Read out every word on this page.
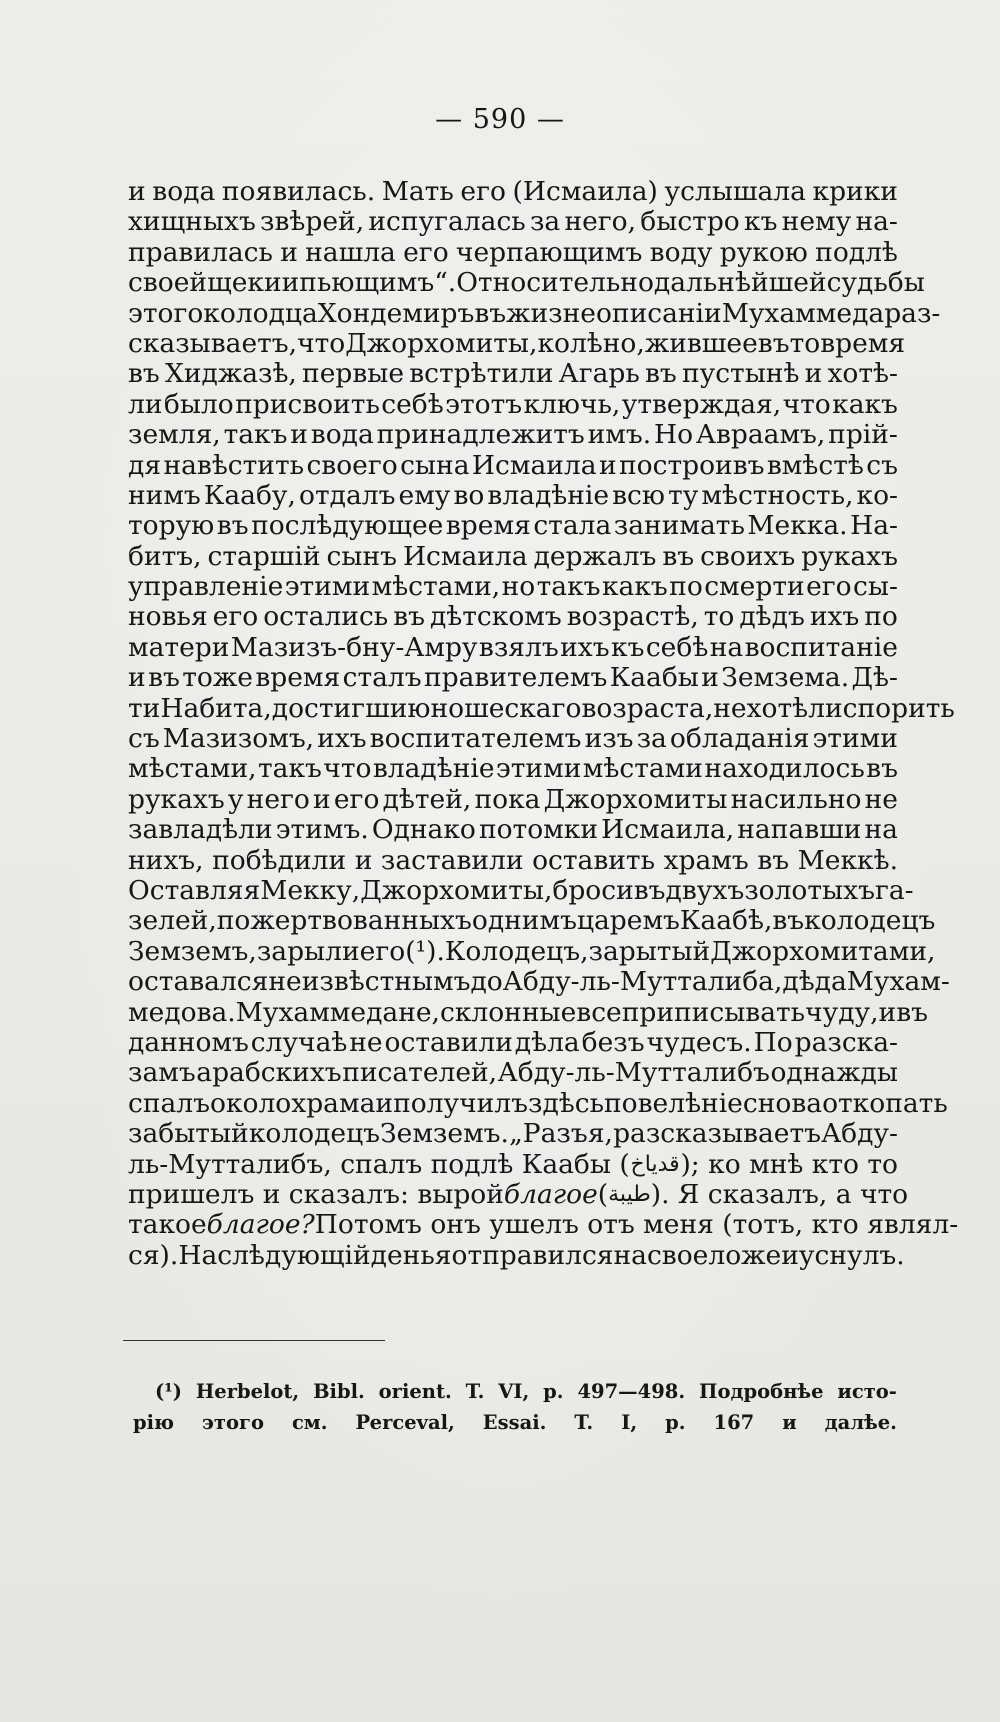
— 590 —
и вода появилась. Мать его (Исмаила) услышала крики
хищныхъ звѣрей, испугалась за него, быстро къ нему на-
правилась и нашла его черпающимъ воду рукою подлѣ
своей щеки и пьющимъ“. Относительно дальнѣйшей судьбы
этого колодца Хондемиръ въ жизнеописаніи Мухаммеда раз-
сказываетъ, что Джорхомиты, колѣно, жившее въ то время
въ Хиджазѣ, первые встрѣтили Агарь въ пустынѣ и хотѣ-
ли было присвоить себѣ этотъ ключь, утверждая, что какъ
земля, такъ и вода принадлежитъ имъ. Но Авраамъ, прій-
дя навѣстить своего сына Исмаила и построивъ вмѣстѣ съ
нимъ Каабу, отдалъ ему во владѣніе всю ту мѣстность, ко-
торую въ послѣдующее время стала занимать Мекка. На-
битъ, старшій сынъ Исмаила держалъ въ своихъ рукахъ
управленіе этими мѣстами, но такъ какъ по смерти его сы-
новья его остались въ дѣтскомъ возрастѣ, то дѣдъ ихъ по
матери Мазизъ-бну-Амру взялъ ихъ къ себѣ на воспитаніе
и въ тоже время сталъ правителемъ Каабы и Земзема. Дѣ-
ти Набита, достигши юношескаго возраста, нехотѣли спорить
съ Мазизомъ, ихъ воспитателемъ изъ за обладанія этими
мѣстами, такъ что владѣніе этими мѣстами находилось въ
рукахъ у него и его дѣтей, пока Джорхомиты насильно не
завладѣли этимъ. Однако потомки Исмаила, напавши на
нихъ, побѣдили и заставили оставить храмъ въ Меккѣ.
Оставляя Мекку, Джорхомиты, бросивъ двухъ золотыхъ га-
зелей, пожертвованныхъ однимъ царемъ Каабѣ, въ колодецъ
Земземъ, зарыли его (¹). Колодецъ, зарытый Джорхомитами,
оставался неизвѣстнымъ до Абду-ль-Мутталиба, дѣда Мухам-
медова. Мухаммедане, склонные все приписывать чуду, и въ
данномъ случаѣ не оставили дѣла безъ чудесъ. По разска-
замъ арабскихъ писателей, Абду-ль-Мутталибъ однажды
спалъ около храма и получилъ здѣсь повелѣніе снова откопать
забытый колодецъ Земземъ. „Разъ я, разсказываетъ Абду-
ль-Мутталибъ, спалъ подлѣ Каабы ( قدياخ ); ко мнѣ кто то
пришелъ и сказалъ: вырой благое ( طيبة ). Я сказалъ, а что
такое благое? Потомъ онъ ушелъ отъ меня (тотъ, кто являл-
ся). На слѣдующій день я отправился на свое ложе и уснулъ.
(¹) Herbelot, Bibl. orient. T. VI, p. 497—498. Подробнѣе исто-
рію этого см. Perceval, Essai. T. I, p. 167 и далѣе.
